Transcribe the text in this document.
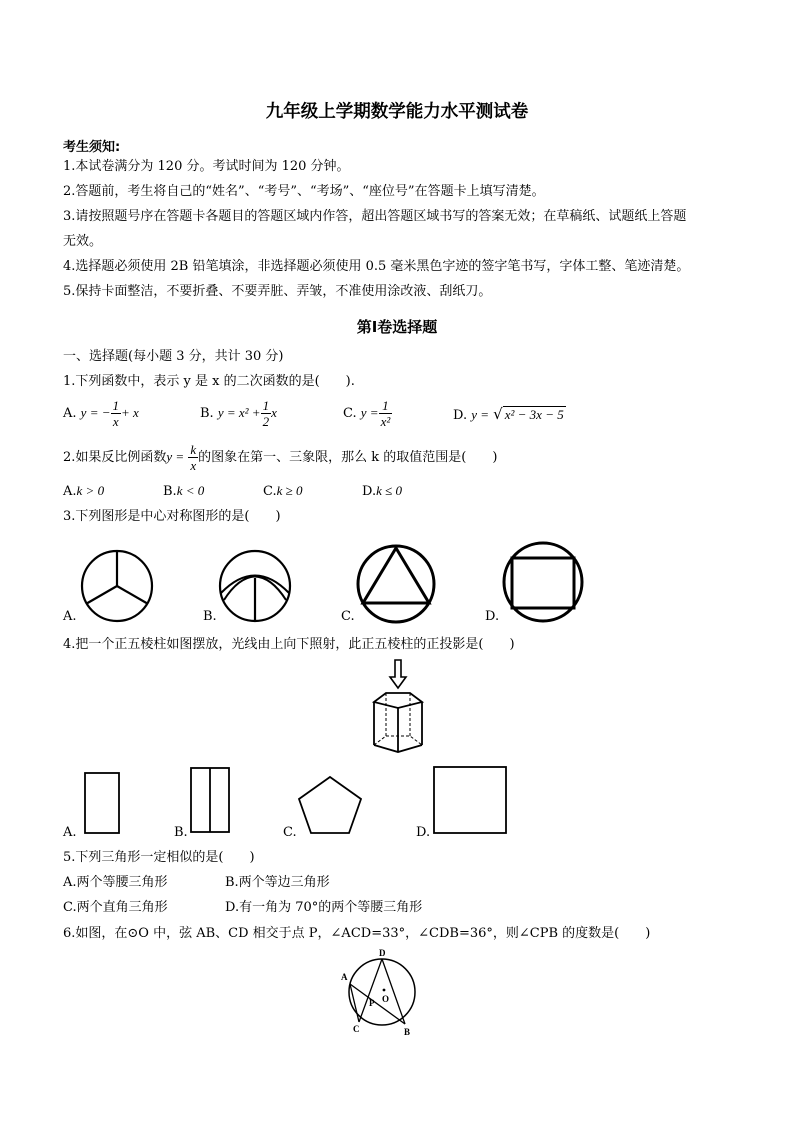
九年级上学期数学能力水平测试卷
考生须知:
1.本试卷满分为 120 分。考试时间为 120 分钟。
2.答题前，考生将自己的“姓名”、“考号”、“考场”、“座位号”在答题卡上填写清楚。
3.请按照题号序在答题卡各题目的答题区域内作答，超出答题区域书写的答案无效；在草稿纸、试题纸上答题
无效。
4.选择题必须使用 2B 铅笔填涂，非选择题必须使用 0.5 毫米黑色字迹的签字笔书写，字体工整、笔迹清楚。
5.保持卡面整洁，不要折叠、不要弄脏、弄皱，不准使用涂改液、刮纸刀。
第Ⅰ卷选择题
一、选择题(每小题 3 分，共计 30 分)
1.下列函数中，表示 y 是 x 的二次函数的是(　　).
A. y = − $\frac{1}{x} + x$	B. $y = x^2 + \frac{1}{2}$ x	C. $y = \frac{1}{\text{x²}}$	D. y = √ x² − 3x − 5
2.如果反比例函数$y = \frac{k}{x}$ 的图象在第一、三象限，那么 k 的取值范围是(　　)
A.k > 0	B.k < 0	C.k ≥ 0	D.k ≤ 0
3.下列图形是中心对称图形的是(　　)
A.	B.	C.	D.
4.把一个正五棱柱如图摆放，光线由上向下照射，此正五棱柱的正投影是(　　)
A.	B.	C.	D.
5.下列三角形一定相似的是(　　)
A.两个等腰三角形	B.两个等边三角形
C.两个直角三角形	D.有一角为 70°的两个等腰三角形
6.如图，在⊙O 中，弦 AB、CD 相交于点 P，∠ACD=33°，∠CDB=36°，则∠CPB 的度数是(　　)
A
D
C	B
P O
